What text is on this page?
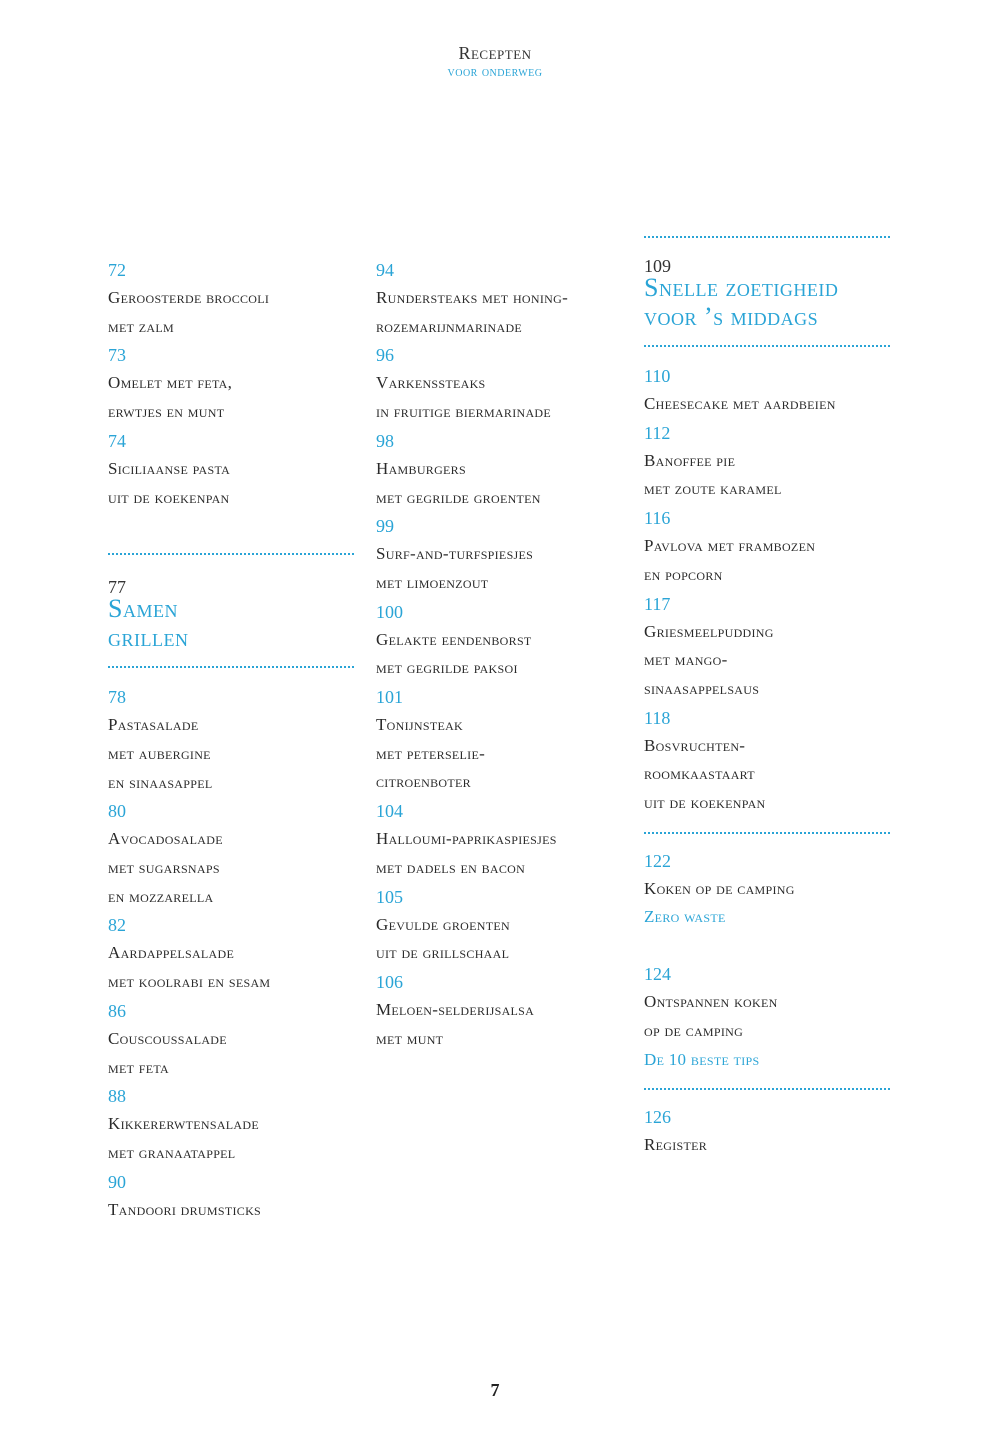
Recepten
voor onderweg
72
Geroosterde broccoli
met zalm
73
Omelet met feta,
erwtjes en munt
74
Siciliaanse pasta
uit de koekenpan
77
Samen
grillen
78
Pastasalade
met aubergine
en sinaasappel
80
Avocadosalade
met sugarsnaps
en mozzarella
82
Aardappelsalade
met koolrabi en sesam
86
Couscoussalade
met feta
88
Kikkererwtensalade
met granaatappel
90
Tandoori drumsticks
94
Rundersteaks met honing-
rozemarijnmarinade
96
Varkenssteaks
in fruitige biermarinade
98
Hamburgers
met gegrilde groenten
99
Surf-and-turfspiesjes
met limoenzout
100
Gelakte eendenborst
met gegrilde paksoi
101
Tonijnsteak
met peterselie-
citroenboter
104
Halloumi-paprikaspiesjes
met dadels en bacon
105
Gevulde groenten
uit de grillschaal
106
Meloen-selderijsalsa
met munt
109
Snelle zoetigheid
voor ’s middags
110
Cheesecake met aardbeien
112
Banoffee pie
met zoute karamel
116
Pavlova met frambozen
en popcorn
117
Griesmeelpudding
met mango-
sinaasappelsaus
118
Bosvruchten-
roomkaastaart
uit de koekenpan
122
Koken op de camping
Zero waste
124
Ontspannen koken
op de camping
De 10 beste tips
126
Register
7
